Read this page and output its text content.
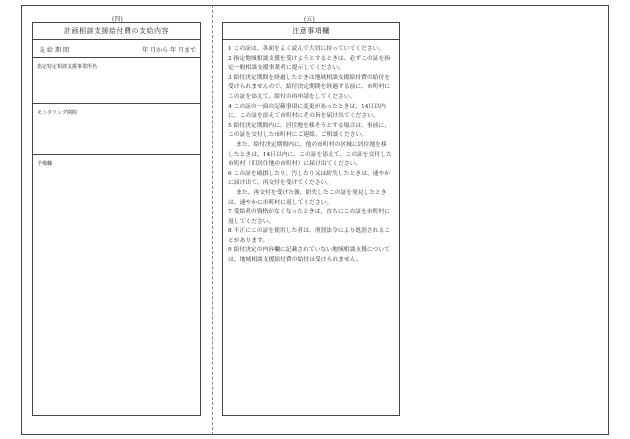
(四)	(五)
計画相談支援給付費の支給内容
支給期間	年 月から 年 月まで
指定特定相談支援事業所名
モニタリング期間
予備欄
注意事項欄

1 この証は、各面をよく読んで大切に持っていてください。

2 指定地域相談支援を受けようとするときは、必ずこの証を指定一般相談支援事業者に提示してください。

3 給付決定期間を経過したときは地域相談支援給付費の給付を受けられませんので、給付決定期間を経過する前に、市町村にこの証を添えて、給付の再申請をしてください。

4 この証の一面の記載事項に変更があったときは、14日以内に、この証を添えて市町村にその旨を届け出てください。

5 給付決定期間内に、居住地を移そうとする場合は、事前に、この証を交付した市町村にご連絡、ご相談ください。

また、給付決定期間内に、他の市町村の区域に居住地を移したときは、14日以内に、この証を添えて、この証を交付した市町村（旧居住地の市町村）に届け出てください。

6 この証を破損したり、汚したり又は紛失したときは、速やかに届け出て、再交付を受けてください。

また、再交付を受けた後、紛失したこの証を発見したときは、速やかに市町村に返してください。

7 受給者の資格がなくなったときは、直ちにこの証を市町村に返してください。

8 不正にこの証を使用した者は、刑罰法令により処罰されることがあります。

9 給付決定の内容欄に記載されていない地域相談支援については、地域相談支援給付費の給付は受けられません。
